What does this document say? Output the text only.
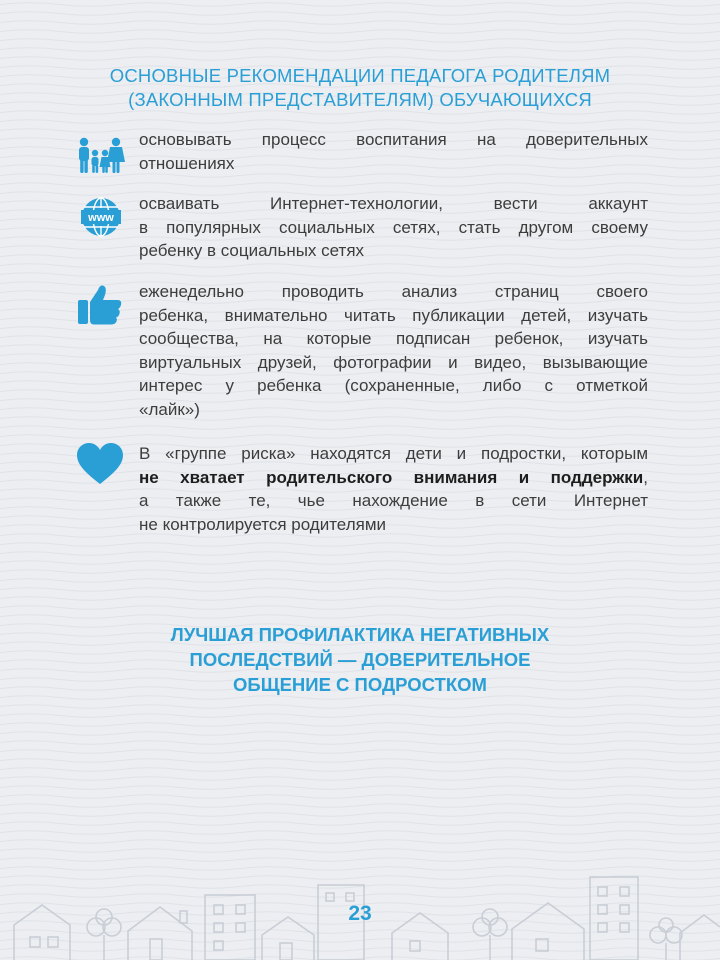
ОСНОВНЫЕ РЕКОМЕНДАЦИИ ПЕДАГОГА РОДИТЕЛЯМ
(ЗАКОННЫМ ПРЕДСТАВИТЕЛЯМ) ОБУЧАЮЩИХСЯ
основывать процесс воспитания на доверительных
отношениях
www
осваивать Интернет-технологии, вести аккаунт
в популярных социальных сетях, стать другом своему
ребенку в социальных сетях
еженедельно проводить анализ страниц своего
ребенка, внимательно читать публикации детей, изучать
сообщества, на которые подписан ребенок, изучать
виртуальных друзей, фотографии и видео, вызывающие
интерес у ребенка (сохраненные, либо с отметкой
«лайк»)
В «группе риска» находятся дети и подростки, которым
не хватает родительского внимания и поддержки,
а также те, чье нахождение в сети Интернет
не контролируется родителями
ЛУЧШАЯ ПРОФИЛАКТИКА НЕГАТИВНЫХ
ПОСЛЕДСТВИЙ — ДОВЕРИТЕЛЬНОЕ
ОБЩЕНИЕ С ПОДРОСТКОМ
23
